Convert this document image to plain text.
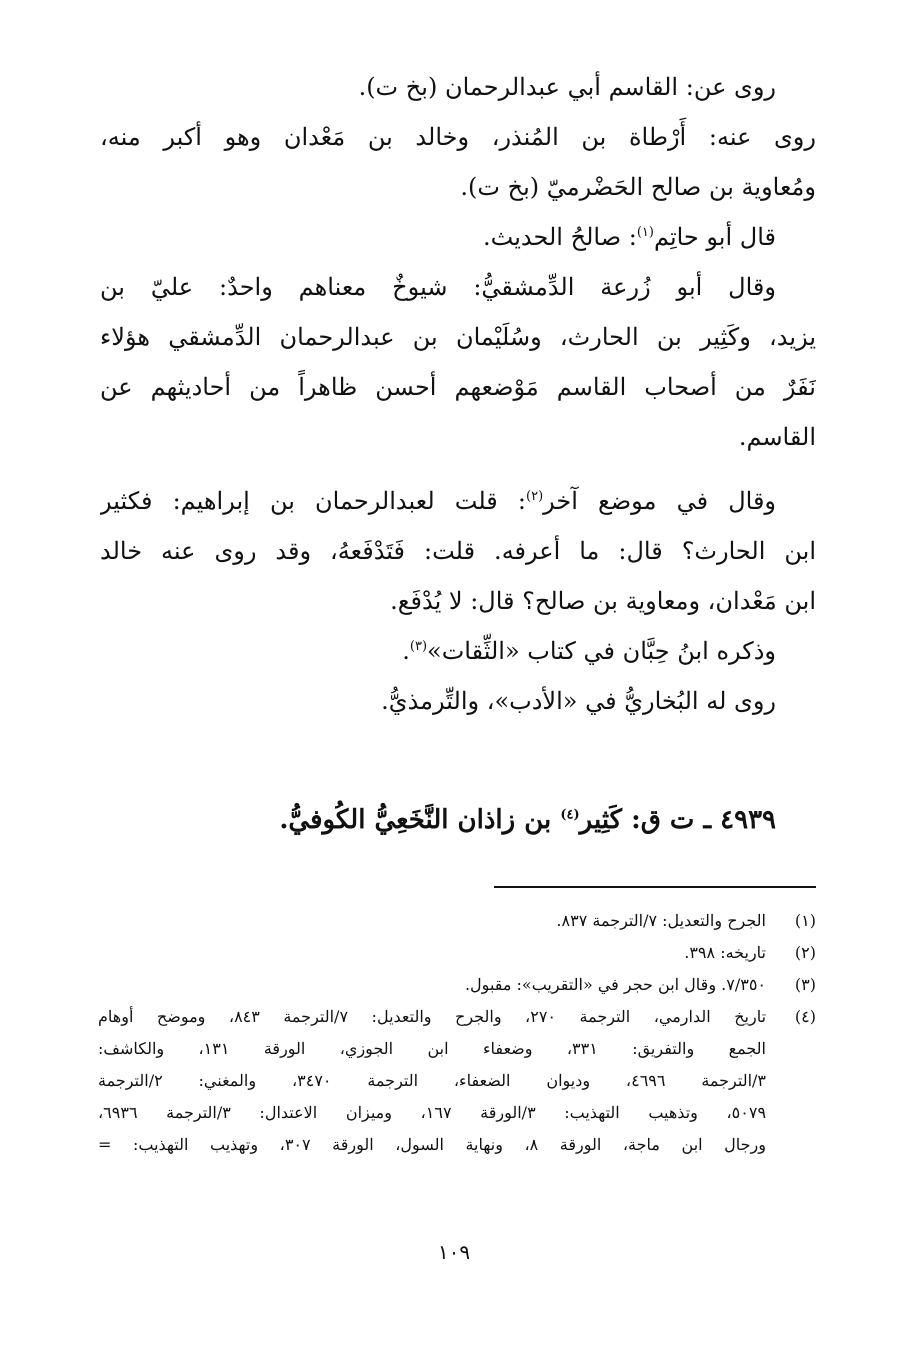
روى عن: القاسم أبي عبدالرحمان (بخ ت).
روى عنه: أَرْطاة بن المُنذر، وخالد بن مَعْدان وهو أكبر منه،
ومُعاوية بن صالح الحَضْرميّ (بخ ت).
قال أبو حاتِم$^{(١)}$: صالحُ الحديث.
وقال أبو زُرعة الدِّمشقيُّ: شيوخٌ معناهم واحدٌ: عليّ بن
يزيد، وكَثِير بن الحارث، وسُلَيْمان بن عبدالرحمان الدِّمشقي هؤلاء
نَفَرٌ من أصحاب القاسم مَوْضعهم أحسن ظاهراً من أحاديثهم عن
القاسم.
وقال في موضع آخر$^{(٢)}$: قلت لعبدالرحمان بن إبراهيم: فكثير
ابن الحارث؟ قال: ما أعرفه. قلت: فَتَدْفَعهُ، وقد روى عنه خالد
ابن مَعْدان، ومعاوية بن صالح؟ قال: لا يُدْفَع.
وذكره ابنُ حِبَّان في كتاب «الثِّقات»$^{(٣)}$.
روى له البُخاريُّ في «الأدب»، والتِّرمذيُّ.
٤٩٣٩ ـ ت ق: كَثِير$^{(٤)}$ بن زاذان النَّخَعِيُّ الكُوفيُّ.
(١)
الجرح والتعديل: ٧/الترجمة ٨٣٧.
(٢)
تاريخه: ٣٩٨.
(٣)
٧/٣٥٠. وقال ابن حجر في «التقريب»: مقبول.
(٤)
تاريخ الدارمي، الترجمة ٢٧٠، والجرح والتعديل: ٧/الترجمة ٨٤٣، وموضح أوهام
الجمع والتفريق: ٣٣١، وضعفاء ابن الجوزي، الورقة ١٣١، والكاشف:
٣/الترجمة ٤٦٩٦، وديوان الضعفاء، الترجمة ٣٤٧٠، والمغني: ٢/الترجمة
٥٠٧٩، وتذهيب التهذيب: ٣/الورقة ١٦٧، وميزان الاعتدال: ٣/الترجمة ٦٩٣٦،
ورجال ابن ماجة، الورقة ٨، ونهاية السول، الورقة ٣٠٧، وتهذيب التهذيب: =
١٠٩
